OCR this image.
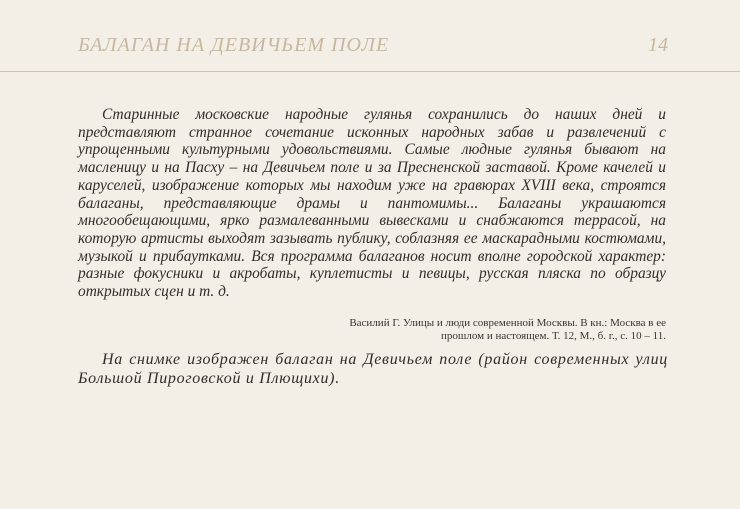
БАЛАГАН НА ДЕВИЧЬЕМ ПОЛЕ	14

Старинные московские народные гулянья сохранились до наших дней и представляют странное сочетание исконных народных забав и развлечений с упрощенными культурными удовольствиями. Самые людные гулянья бывают на масленицу и на Пасху – на Девичьем поле и за Пресненской заставой. Кроме качелей и каруселей, изображение которых мы находим уже на гравюрах XVIII века, строятся балаганы, представляющие драмы и пантомимы... Балаганы украшаются многообещающими, ярко размалеванными вывесками и снабжаются террасой, на которую артисты выходят зазывать публику, соблазняя ее маскарадными костюмами, музыкой и прибаутками. Вся программа балаганов носит вполне городской характер: разные фокусники и акробаты, куплетисты и певицы, русская пляска по образцу открытых сцен и т. д.

Василий Г. Улицы и люди современной Москвы. В кн.: Москва в ее
прошлом и настоящем. Т. 12, М., б. г., с. 10 – 11.

На снимке изображен балаган на Девичьем поле (район современных улиц Большой Пироговской и Плющихи).
